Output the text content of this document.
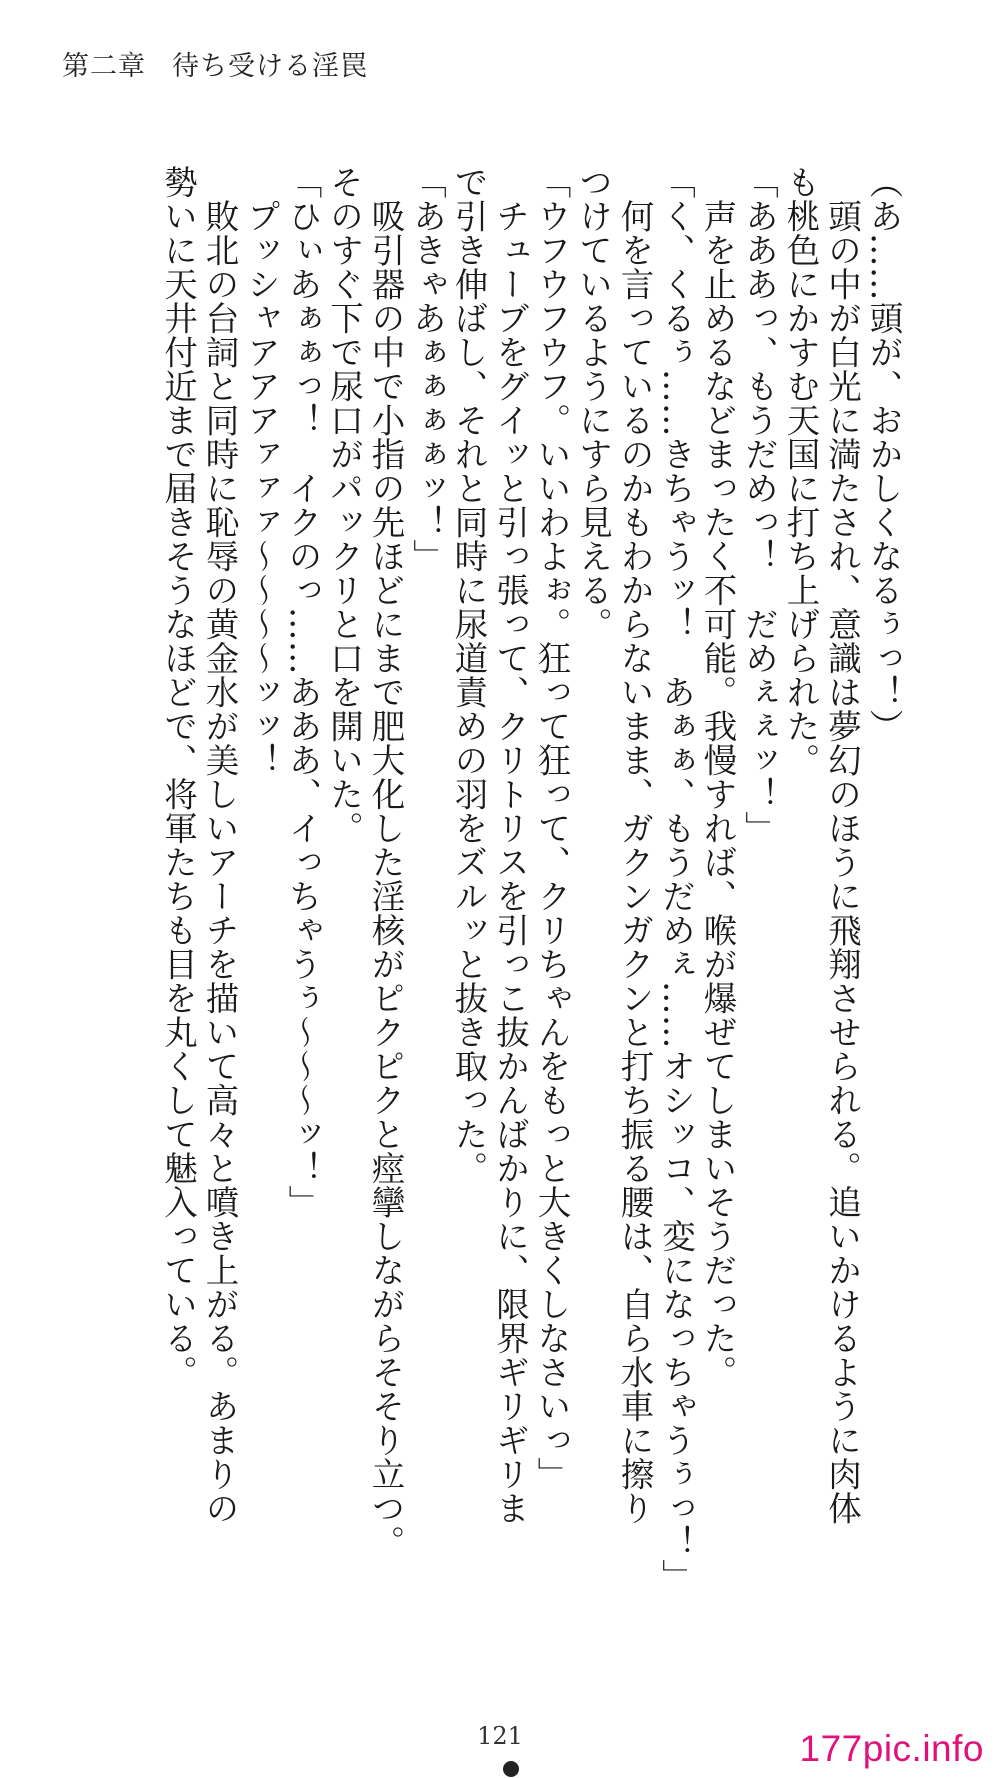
第二章 待ち受ける淫罠
（あ……頭が、おかしくなるぅっ！）
　頭の中が白光に満たされ、意識は夢幻のほうに飛翔させられる。追いかけるように肉体
も桃色にかすむ天国に打ち上げられた。
「あああっ、もうだめっ！　だめぇぇッ！」
　声を止めるなどまったく不可能。我慢すれば、喉が爆ぜてしまいそうだった。
「く、くるぅ……きちゃうッ！　あぁぁ、もうだめぇ……オシッコ、変になっちゃうぅっ！」
　何を言っているのかもわからないまま、ガクンガクンと打ち振る腰は、自ら水車に擦り
つけているようにすら見える。
「ウフウフウフ。いいわよぉ。狂って狂って、クリちゃんをもっと大きくしなさいっ」
　チューブをグイッと引っ張って、クリトリスを引っこ抜かんばかりに、限界ギリギリま
で引き伸ばし、それと同時に尿道責めの羽をズルッと抜き取った。
「あきゃあぁぁぁぁッ！」
　吸引器の中で小指の先ほどにまで肥大化した淫核がピクピクと痙攣しながらそそり立つ。
そのすぐ下で尿口がパックリと口を開いた。
「ひぃあぁぁっ！　イクのっ……あああ、イっちゃうぅ～～～ッ！」
　プッシャアアアァァァ～～～～ッッ！
　敗北の台詞と同時に恥辱の黄金水が美しいアーチを描いて高々と噴き上がる。あまりの
勢いに天井付近まで届きそうなほどで、将軍たちも目を丸くして魅入っている。
121	177pic.info
